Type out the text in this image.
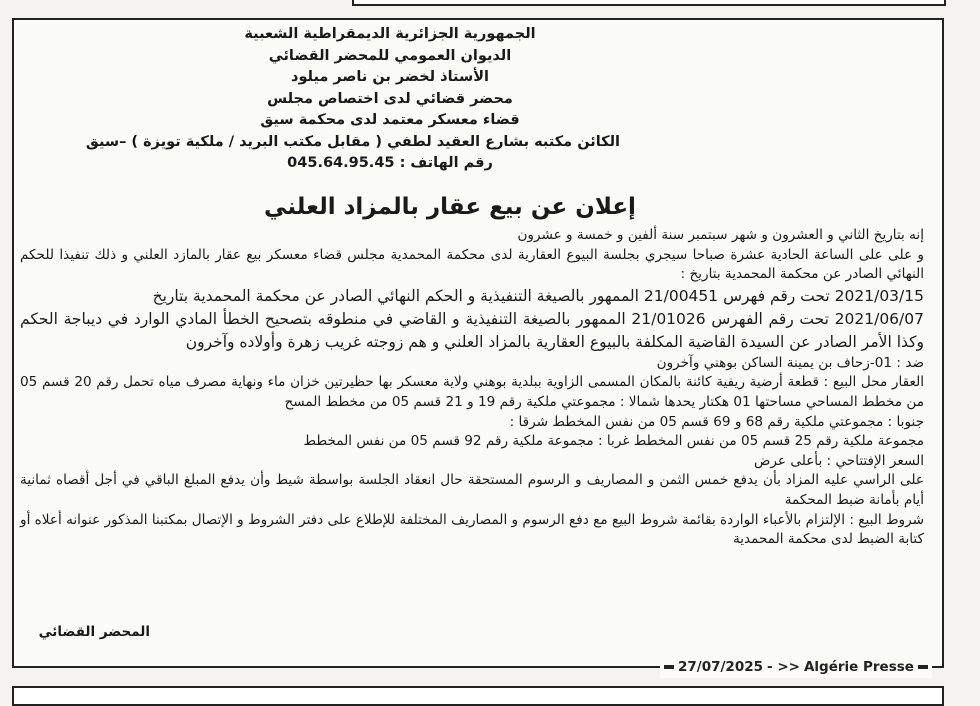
الجمهورية الجزائرية الديمقراطية الشعبية
الديوان العمومي للمحضر القضائي
الأستاذ لخضر بن ناصر ميلود
محضر قضائي لدى اختصاص مجلس
قضاء معسكر معتمد لدى محكمة سيق
الكائن مكتبه بشارع العقيد لطفي ( مقابل مكتب البريد / ملكية تويزة ) –سيق
رقم الهاتف : 045.64.95.45
إعلان عن بيع عقار بالمزاد العلني

إنه بتاريخ الثاني و العشرون و شهر سبتمبر سنة ألفين و خمسة و عشرون

و على على الساعة الحادية عشرة صباحا سيجري بجلسة البيوع العقارية لدى محكمة المحمدية مجلس قضاء معسكر بيع عقار بالمازد العلني و ذلك تنفيذا للحكم النهائي الصادر عن محكمة المحمدية بتاريخ :

2021/03/15 تحت رقم فهرس 21/00451 الممهور بالصيغة التنفيذية و الحكم النهائي الصادر عن محكمة المحمدية بتاريخ

2021/06/07 تحت رقم الفهرس 21/01026 الممهور بالصيغة التنفيذية و القاضي في منطوقه بتصحيح الخطأ المادي الوارد في ديباجة الحكم وكذا الأمر الصادر عن السيدة القاضية المكلفة بالبيوع العقارية بالمزاد العلني و هم زوجته غريب زهرة وأولاده وآخرون

ضد : 01-زحاف بن يمينة الساكن بوهني وآخرون

العقار محل البيع : قطعة أرضية ريفية كائنة بالمكان المسمى الزاوية ببلدية بوهني ولاية معسكر بها حظيرتين خزان ماء ونهاية مصرف مياه تحمل رقم 20 قسم 05 من مخطط المساحي مساحتها 01 هكتار يحدها شمالا : مجموعتي ملكية رقم 19 و 21 قسم 05 من مخطط المسح

جنوبا : مجموعتي ملكية رقم 68 و 69 قسم 05 من نفس المخطط شرقا :

مجموعة ملكية رقم 25 قسم 05 من نفس المخطط غربا : مجموعة ملكية رقم 92 قسم 05 من نفس المخطط

السعر الإفتتاحي : بأعلى عرض

على الراسي عليه المزاد بأن يدفع خمس الثمن و المصاريف و الرسوم المستحقة حال انعقاد الجلسة بواسطة شيط وأن يدفع المبلغ الباقي في أجل أقصاه ثمانية أيام بأمانة ضبط المحكمة

شروط البيع : الإلتزام بالأعباء الواردة بقائمة شروط البيع مع دفع الرسوم و المصاريف المختلفة للإطلاع على دفتر الشروط و الإتصال بمكتبنا المذكور عنوانه أعلاه أو كتابة الضبط لدى محكمة المحمدية

المحضر القضائي
27/07/2025 - >> Algérie Presse
